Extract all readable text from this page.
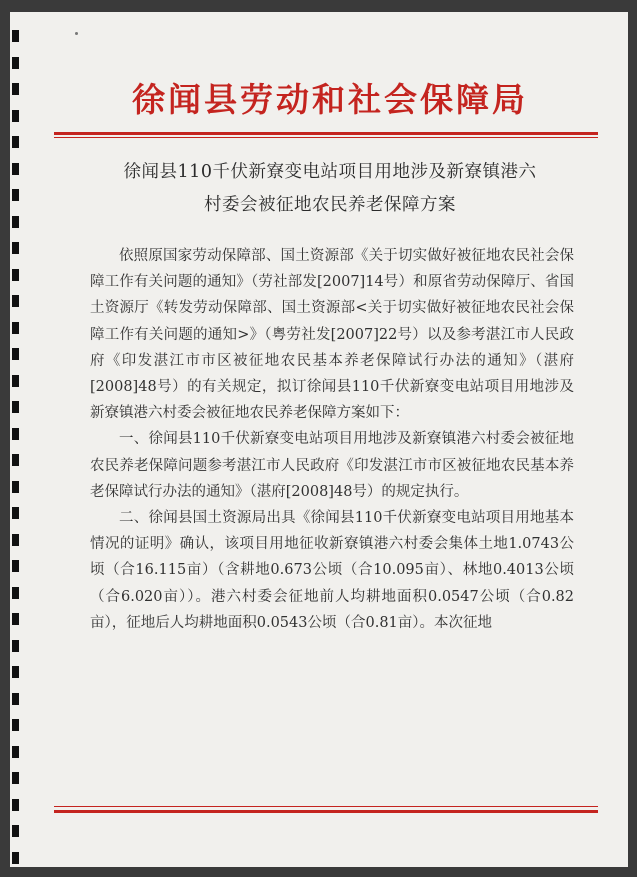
徐闻县劳动和社会保障局
徐闻县110千伏新寮变电站项目用地涉及新寮镇港六
村委会被征地农民养老保障方案

依照原国家劳动保障部、国土资源部《关于切实做好被征地农民社会保障工作有关问题的通知》（劳社部发[2007]14号）和原省劳动保障厅、省国土资源厅《转发劳动保障部、国土资源部<关于切实做好被征地农民社会保障工作有关问题的通知>》（粤劳社发[2007]22号）以及参考湛江市人民政府《印发湛江市市区被征地农民基本养老保障试行办法的通知》（湛府[2008]48号）的有关规定，拟订徐闻县110千伏新寮变电站项目用地涉及新寮镇港六村委会被征地农民养老保障方案如下：

一、徐闻县110千伏新寮变电站项目用地涉及新寮镇港六村委会被征地农民养老保障问题参考湛江市人民政府《印发湛江市市区被征地农民基本养老保障试行办法的通知》（湛府[2008]48号）的规定执行。

二、徐闻县国土资源局出具《徐闻县110千伏新寮变电站项目用地基本情况的证明》确认，该项目用地征收新寮镇港六村委会集体土地1.0743公顷（合16.115亩）（含耕地0.673公顷（合10.095亩）、林地0.4013公顷（合6.020亩））。港六村委会征地前人均耕地面积0.0547公顷（合0.82亩），征地后人均耕地面积0.0543公顷（合0.81亩）。本次征地
